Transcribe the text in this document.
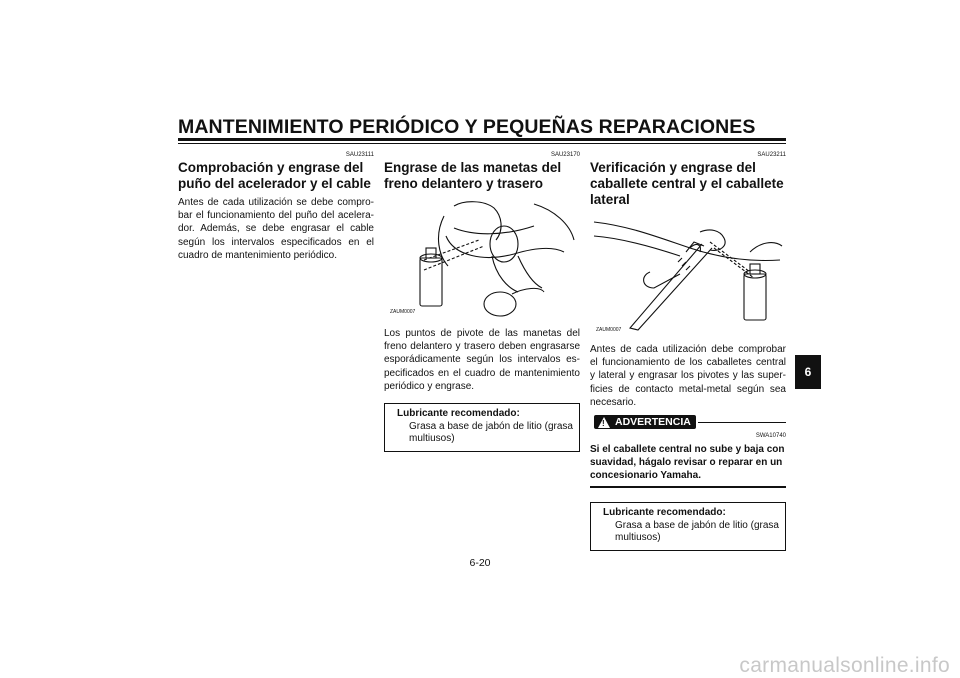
MANTENIMIENTO PERIÓDICO Y PEQUEÑAS REPARACIONES
SAU23111
Comprobación y engrase del puño del acelerador y el cable

Antes de cada utilización se debe compro-bar el funcionamiento del puño del acelera-dor. Además, se debe engrasar el cable según los intervalos especificados en el cuadro de mantenimiento periódico.

SAU23170
Engrase de las manetas del freno delantero y trasero
ZAUM0007

Los puntos de pivote de las manetas del freno delantero y trasero deben engrasarse esporádicamente según los intervalos es-pecificados en el cuadro de mantenimiento periódico y engrase.

Lubricante recomendado:
Grasa a base de jabón de litio (grasa multiusos)
SAU23211
Verificación y engrase del caballete central y el caballete lateral
ZAUM0007

Antes de cada utilización debe comprobar el funcionamiento de los caballetes central y lateral y engrasar los pivotes y las super-ficies de contacto metal-metal según sea necesario.

! ADVERTENCIA
SWA10740
Si el caballete central no sube y baja con suavidad, hágalo revisar o reparar en un concesionario Yamaha.
Lubricante recomendado:
Grasa a base de jabón de litio (grasa multiusos)
6
6-20
carmanualsonline.info
